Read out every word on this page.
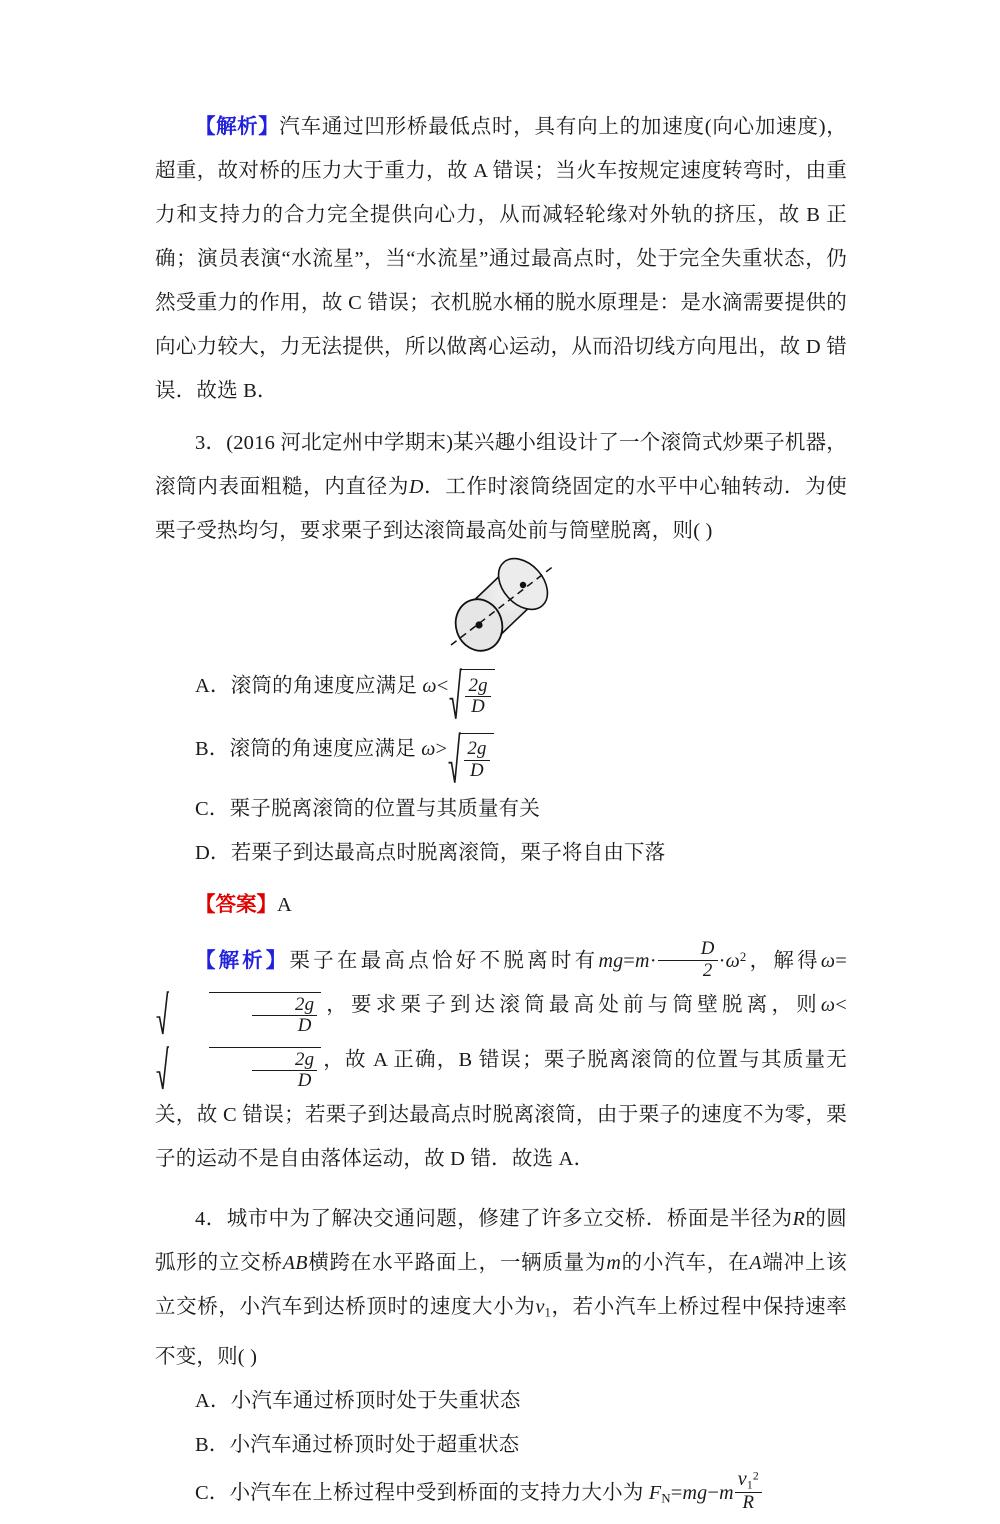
【解析】汽车通过凹形桥最低点时，具有向上的加速度(向心加速度)，超重，故对桥的压力大于重力，故 A 错误；当火车按规定速度转弯时，由重力和支持力的合力完全提供向心力，从而减轻轮缘对外轨的挤压，故 B 正确；演员表演“水流星”，当“水流星”通过最高点时，处于完全失重状态，仍然受重力的作用，故 C 错误；衣机脱水桶的脱水原理是：是水滴需要提供的向心力较大，力无法提供，所以做离心运动，从而沿切线方向甩出，故 D 错误．故选 B．

3．(2016 河北定州中学期末)某兴趣小组设计了一个滚筒式炒栗子机器，滚筒内表面粗糙，内直径为D．工作时滚筒绕固定的水平中心轴转动．为使栗子受热均匀，要求栗子到达滚筒最高处前与筒壁脱离，则( )

A．滚筒的角速度应满足 $\omega< \frac{2g}{D}$
B．滚筒的角速度应满足 $\omega> \frac{2g}{D}$
C．栗子脱离滚筒的位置与其质量有关
D．若栗子到达最高点时脱离滚筒，栗子将自由下落

【答案】A

【解析】栗子在最高点恰好不脱离时有$mg=m\cdot \frac{D}{2} \cdot\omega^2$，解得ω=
$\frac{2g}{D}$ ，要求栗子到达滚筒最高处前与筒壁脱离，则ω<
$\frac{2g}{D}$ ，故 A 正确，B 错误；栗子脱离滚筒的位置与其质量无关，故 C 错误；若栗子到达最高点时脱离滚筒，由于栗子的速度不为零，栗子的运动不是自由落体运动，故 D 错．故选 A．

4．城市中为了解决交通问题，修建了许多立交桥．桥面是半径为R的圆弧形的立交桥AB横跨在水平路面上，一辆质量为m的小汽车，在A端冲上该立交桥，小汽车到达桥顶时的速度大小为$v_1$，若小汽车上桥过程中保持速率不变，则( )

A．小汽车通过桥顶时处于失重状态
B．小汽车通过桥顶时处于超重状态
C．小汽车在上桥过程中受到桥面的支持力大小为 $F_N=mg-m \frac{v_1^2}{R}$
